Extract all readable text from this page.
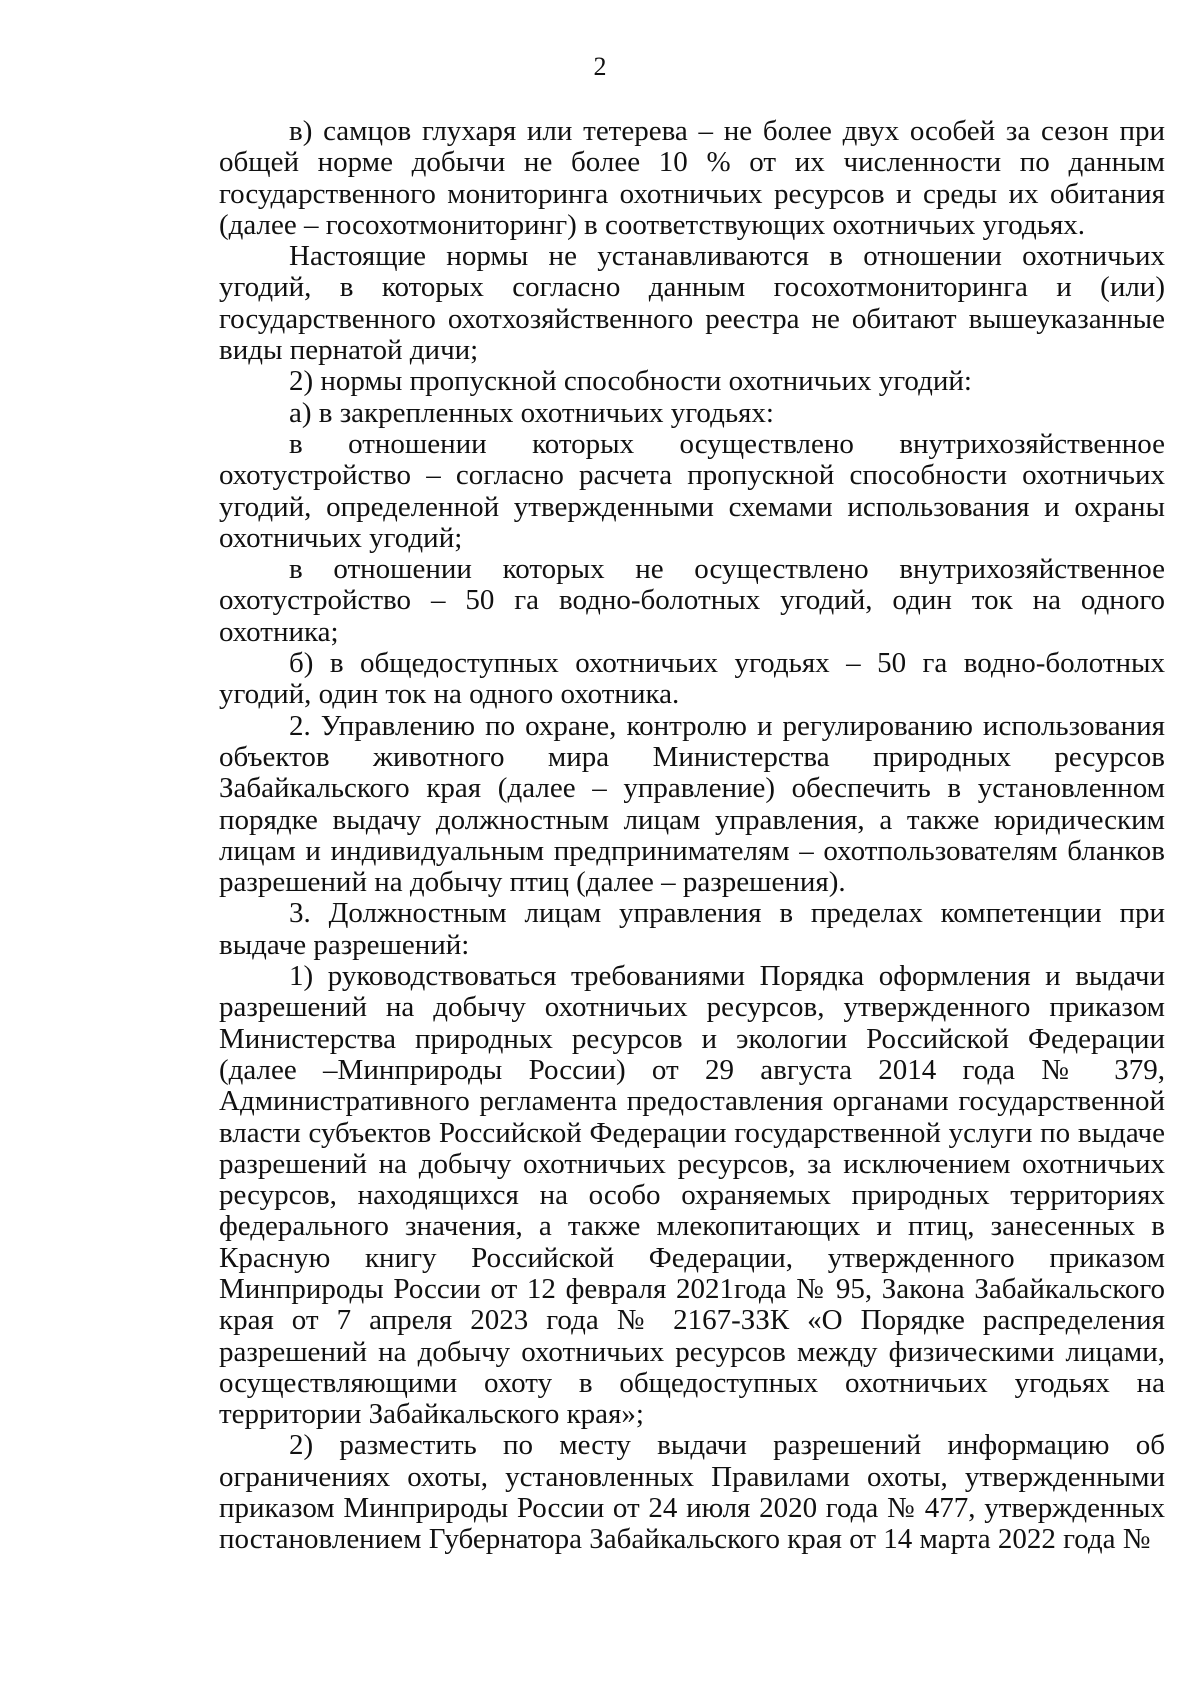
2

в) самцов глухаря или тетерева – не более двух особей за сезон при общей норме добычи не более 10 % от их численности по данным государственного мониторинга охотничьих ресурсов и среды их обитания (далее – госохотмониторинг) в соответствующих охотничьих угодьях.

Настоящие нормы не устанавливаются в отношении охотничьих угодий, в которых согласно данным госохотмониторинга и (или) государственного охотхозяйственного реестра не обитают вышеуказанные виды пернатой дичи;

2) нормы пропускной способности охотничьих угодий:

а) в закрепленных охотничьих угодьях:

в отношении которых осуществлено внутрихозяйственное охотустройство – согласно расчета пропускной способности охотничьих угодий, определенной утвержденными схемами использования и охраны охотничьих угодий;

в отношении которых не осуществлено внутрихозяйственное охотустройство – 50 га водно-болотных угодий, один ток на одного охотника;

б) в общедоступных охотничьих угодьях – 50 га водно-болотных угодий, один ток на одного охотника.

2. Управлению по охране, контролю и регулированию использования объектов животного мира Министерства природных ресурсов Забайкальского края (далее – управление) обеспечить в установленном порядке выдачу должностным лицам управления, а также юридическим лицам и индивидуальным предпринимателям – охотпользователям бланков разрешений на добычу птиц (далее – разрешения).

3. Должностным лицам управления в пределах компетенции при выдаче разрешений:

1) руководствоваться требованиями Порядка оформления и выдачи разрешений на добычу охотничьих ресурсов, утвержденного приказом Министерства природных ресурсов и экологии Российской Федерации (далее –Минприроды России) от 29 августа 2014 года № 379, Административного регламента предоставления органами государственной власти субъектов Российской Федерации государственной услуги по выдаче разрешений на добычу охотничьих ресурсов, за исключением охотничьих ресурсов, находящихся на особо охраняемых природных территориях федерального значения, а также млекопитающих и птиц, занесенных в Красную книгу Российской Федерации, утвержденного приказом Минприроды России от 12 февраля 2021года № 95, Закона Забайкальского края от 7 апреля 2023 года № 2167-ЗЗК «О Порядке распределения разрешений на добычу охотничьих ресурсов между физическими лицами, осуществляющими охоту в общедоступных охотничьих угодьях на территории Забайкальского края»;

2) разместить по месту выдачи разрешений информацию об ограничениях охоты, установленных Правилами охоты, утвержденными приказом Минприроды России от 24 июля 2020 года № 477, утвержденных постановлением Губернатора Забайкальского края от 14 марта 2022 года №
